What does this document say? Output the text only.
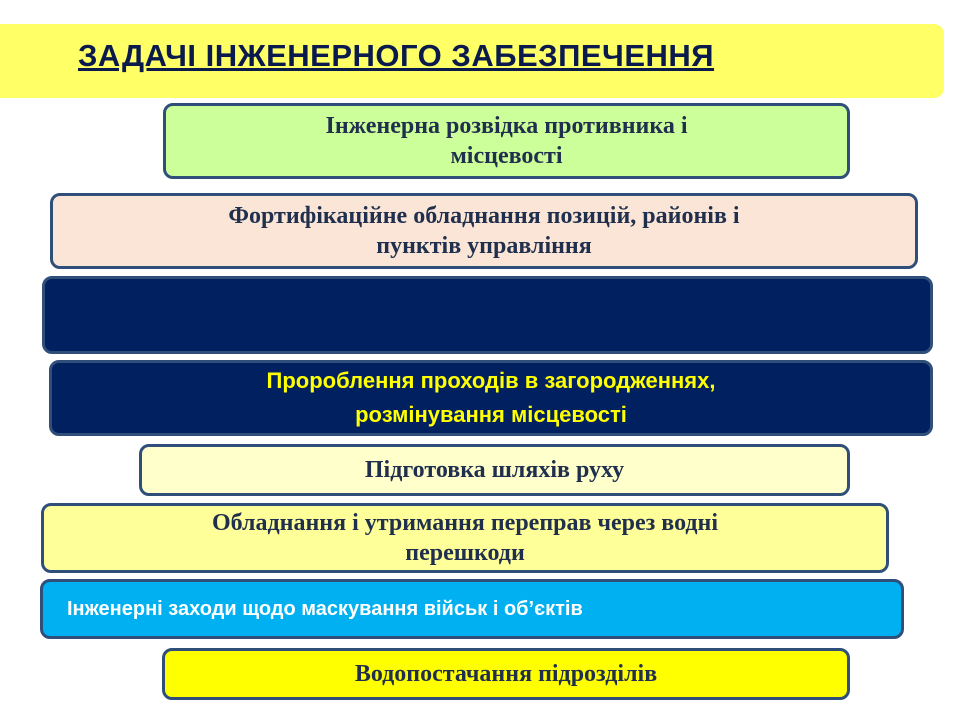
ЗАДАЧІ ІНЖЕНЕРНОГО ЗАБЕЗПЕЧЕННЯ
Інженерна розвідка противника і
місцевості
Фортифікаційне обладнання позицій, районів і
пунктів управління

Пророблення проходів в загородженнях,
розмінування місцевості
Підготовка шляхів руху
Обладнання і утримання переправ через водні
перешкоди
Інженерні заходи щодо маскування військ і об’єктів
Водопостачання підрозділів
